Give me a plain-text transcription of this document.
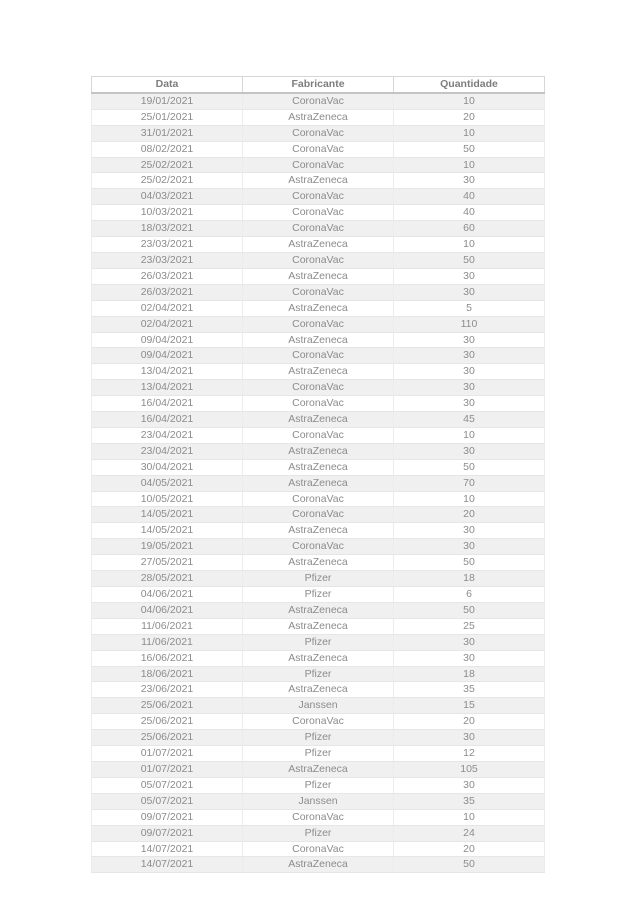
Data	Fabricante	Quantidade
19/01/2021	CoronaVac	10
25/01/2021	AstraZeneca	20
31/01/2021	CoronaVac	10
08/02/2021	CoronaVac	50
25/02/2021	CoronaVac	10
25/02/2021	AstraZeneca	30
04/03/2021	CoronaVac	40
10/03/2021	CoronaVac	40
18/03/2021	CoronaVac	60
23/03/2021	AstraZeneca	10
23/03/2021	CoronaVac	50
26/03/2021	AstraZeneca	30
26/03/2021	CoronaVac	30
02/04/2021	AstraZeneca	5
02/04/2021	CoronaVac	110
09/04/2021	AstraZeneca	30
09/04/2021	CoronaVac	30
13/04/2021	AstraZeneca	30
13/04/2021	CoronaVac	30
16/04/2021	CoronaVac	30
16/04/2021	AstraZeneca	45
23/04/2021	CoronaVac	10
23/04/2021	AstraZeneca	30
30/04/2021	AstraZeneca	50
04/05/2021	AstraZeneca	70
10/05/2021	CoronaVac	10
14/05/2021	CoronaVac	20
14/05/2021	AstraZeneca	30
19/05/2021	CoronaVac	30
27/05/2021	AstraZeneca	50
28/05/2021	Pfizer	18
04/06/2021	Pfizer	6
04/06/2021	AstraZeneca	50
11/06/2021	AstraZeneca	25
11/06/2021	Pfizer	30
16/06/2021	AstraZeneca	30
18/06/2021	Pfizer	18
23/06/2021	AstraZeneca	35
25/06/2021	Janssen	15
25/06/2021	CoronaVac	20
25/06/2021	Pfizer	30
01/07/2021	Pfizer	12
01/07/2021	AstraZeneca	105
05/07/2021	Pfizer	30
05/07/2021	Janssen	35
09/07/2021	CoronaVac	10
09/07/2021	Pfizer	24
14/07/2021	CoronaVac	20
14/07/2021	AstraZeneca	50
